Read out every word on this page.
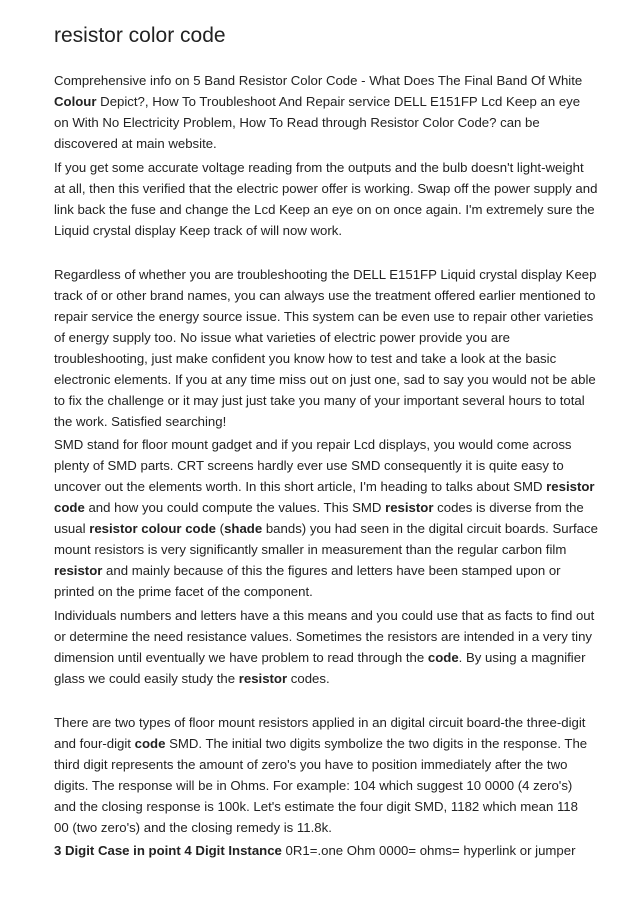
resistor color code

Comprehensive info on 5 Band Resistor Color Code - What Does The Final Band Of White
Colour Depict?, How To Troubleshoot And Repair service DELL E151FP Lcd Keep an eye
on With No Electricity Problem, How To Read through Resistor Color Code? can be
discovered at main website.

If you get some accurate voltage reading from the outputs and the bulb doesn't light-weight
at all, then this verified that the electric power offer is working. Swap off the power supply and
link back the fuse and change the Lcd Keep an eye on on once again. I'm extremely sure the
Liquid crystal display Keep track of will now work.

Regardless of whether you are troubleshooting the DELL E151FP Liquid crystal display Keep
track of or other brand names, you can always use the treatment offered earlier mentioned to
repair service the energy source issue. This system can be even use to repair other varieties
of energy supply too. No issue what varieties of electric power provide you are
troubleshooting, just make confident you know how to test and take a look at the basic
electronic elements. If you at any time miss out on just one, sad to say you would not be able
to fix the challenge or it may just just take you many of your important several hours to total
the work. Satisfied searching!

SMD stand for floor mount gadget and if you repair Lcd displays, you would come across
plenty of SMD parts. CRT screens hardly ever use SMD consequently it is quite easy to
uncover out the elements worth. In this short article, I'm heading to talks about SMD resistor
code and how you could compute the values. This SMD resistor codes is diverse from the
usual resistor colour code (shade bands) you had seen in the digital circuit boards. Surface
mount resistors is very significantly smaller in measurement than the regular carbon film
resistor and mainly because of this the figures and letters have been stamped upon or
printed on the prime facet of the component.

Individuals numbers and letters have a this means and you could use that as facts to find out
or determine the need resistance values. Sometimes the resistors are intended in a very tiny
dimension until eventually we have problem to read through the code. By using a magnifier
glass we could easily study the resistor codes.

There are two types of floor mount resistors applied in an digital circuit board-the three-digit
and four-digit code SMD. The initial two digits symbolize the two digits in the response. The
third digit represents the amount of zero's you have to position immediately after the two
digits. The response will be in Ohms. For example: 104 which suggest 10 0000 (4 zero's)
and the closing response is 100k. Let's estimate the four digit SMD, 1182 which mean 118
00 (two zero's) and the closing remedy is 11.8k.

3 Digit Case in point 4 Digit Instance 0R1=.one Ohm 0000= ohms= hyperlink or jumper
